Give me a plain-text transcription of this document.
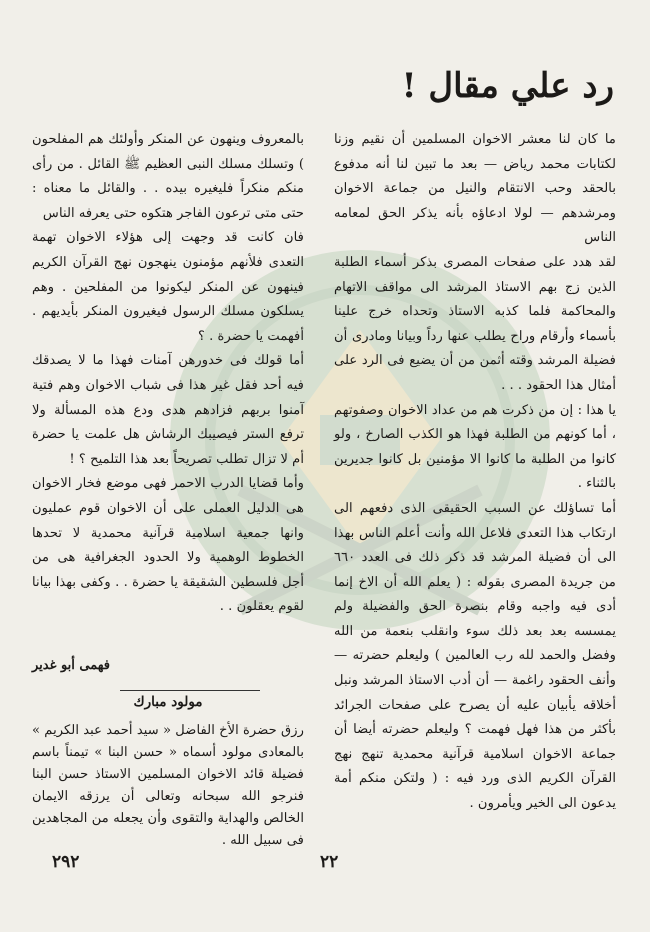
رد علي مقال !

ما كان لنا معشر الاخوان المسلمين أن نقيم وزنا لكتابات محمد رياض — بعد ما تبين لنا أنه مدفوع بالحقد وحب الانتقام والنيل من جماعة الاخوان ومرشدهم — لولا ادعاؤه بأنه يذكر الحق لمعامه الناس

لقد هدد على صفحات المصرى بذكر أسماء الطلبة الذين زج بهم الاستاذ المرشد الى مواقف الاتهام والمحاكمة فلما كذبه الاستاذ وتحداه خرج علينا بأسماء وأرقام وراح يطلب عنها رداً وبيانا ومادرى أن فضيلة المرشد وقته أثمن من أن يضيع فى الرد على أمثال هذا الحقود . . .

يا هذا : إن من ذكرت هم من عداد الاخوان وصفوتهم ، أما كونهم من الطلبة فهذا هو الكذب الصارخ ، ولو كانوا من الطلبة ما كانوا الا مؤمنين بل كانوا جديرين بالثناء .

أما تساؤلك عن السبب الحقيقى الذى دفعهم الى ارتكاب هذا التعدى فلاعل الله وأنت أعلم الناس بهذا الى أن فضيلة المرشد قد ذكر ذلك فى العدد ٦٦٠ من جريدة المصرى بقوله : ( يعلم الله أن الاخ إنما أدى فيه واجبه وقام بنصرة الحق والفضيلة ولم يمسسه بعد بعد ذلك سوء وانقلب بنعمة من الله وفضل والحمد لله رب العالمين ) وليعلم حضرته — وأنف الحقود راغمة — أن أدب الاستاذ المرشد ونبل أخلاقه يأبيان عليه أن يصرح على صفحات الجرائد بأكثر من هذا فهل فهمت ؟ وليعلم حضرته أيضا أن جماعة الاخوان اسلامية قرآنية محمدية تنهج نهج القرآن الكريم الذى ورد فيه : ( ولتكن منكم أمة يدعون الى الخير ويأمرون .

بالمعروف وينهون عن المنكر وأولئك هم المفلحون ) وتسلك مسلك النبى العظيم ﷺ القائل . من رأى منكم منكراً فليغيره بيده . . والقائل ما معناه : حتى متى ترعون الفاجر هتكوه حتى يعرفه الناس

فان كانت قد وجهت إلى هؤلاء الاخوان تهمة التعدى فلأنهم مؤمنون ينهجون نهج القرآن الكريم فينهون عن المنكر ليكونوا من المفلحين . وهم يسلكون مسلك الرسول فيغيرون المنكر بأيديهم . أفهمت يا حضرة . ؟

أما قولك فى خدورهن آمنات فهذا ما لا يصدقك فيه أحد فقل غير هذا فى شباب الاخوان وهم فتية آمنوا بربهم فزادهم هدى ودع هذه المسألة ولا ترفع الستر فيصيبك الرشاش هل علمت يا حضرة أم لا تزال تطلب تصريحاً بعد هذا التلميح ؟ !

وأما قضايا الدرب الاحمر فهى موضع فخار الاخوان هى الدليل العملى على أن الاخوان قوم عمليون وانها جمعية اسلامية قرآنية محمدية لا تحدها الخطوط الوهمية ولا الحدود الجغرافية هى من أجل فلسطين الشقيقة يا حضرة . . وكفى بهذا بيانا لقوم يعقلون . .

فهمى أبو غدير
مولود مبارك

رزق حضرة الأخ الفاضل « سيد أحمد عبد الكريم » بالمعادى مولود أسماه « حسن البنا » تيمناً باسم فضيلة قائد الاخوان المسلمين الاستاذ حسن البنا فنرجو الله سبحانه وتعالى أن يرزقه الايمان الخالص والهداية والتقوى وأن يجعله من المجاهدين فى سبيل الله .

٢٩٢	٢٢
